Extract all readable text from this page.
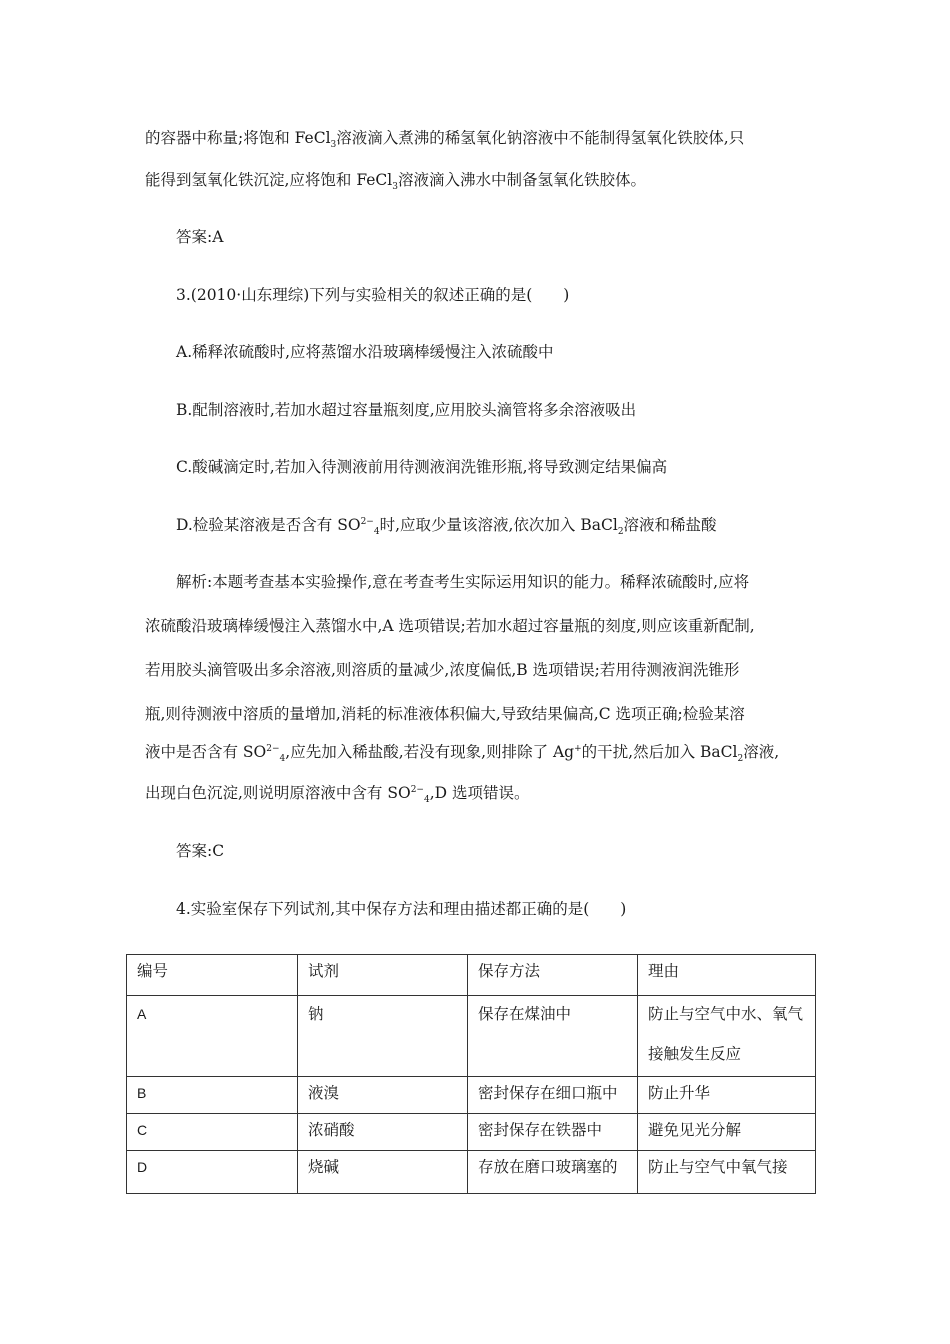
的容器中称量;将饱和 FeCl$_3$溶液滴入煮沸的稀氢氧化钠溶液中不能制得氢氧化铁胶体,只
能得到氢氧化铁沉淀,应将饱和 FeCl$_3$溶液滴入沸水中制备氢氧化铁胶体。
答案:A
3.(2010·山东理综)下列与实验相关的叙述正确的是(　　)
A.稀释浓硫酸时,应将蒸馏水沿玻璃棒缓慢注入浓硫酸中
B.配制溶液时,若加水超过容量瓶刻度,应用胶头滴管将多余溶液吸出
C.酸碱滴定时,若加入待测液前用待测液润洗锥形瓶,将导致测定结果偏高
D.检验某溶液是否含有 $SO^{2-}_4$时,应取少量该溶液,依次加入 BaCl$_2$溶液和稀盐酸
解析:本题考查基本实验操作,意在考查考生实际运用知识的能力。稀释浓硫酸时,应将
浓硫酸沿玻璃棒缓慢注入蒸馏水中,A 选项错误;若加水超过容量瓶的刻度,则应该重新配制,
若用胶头滴管吸出多余溶液,则溶质的量减少,浓度偏低,B 选项错误;若用待测液润洗锥形
瓶,则待测液中溶质的量增加,消耗的标准液体积偏大,导致结果偏高,C 选项正确;检验某溶
液中是否含有 $SO^{2-}_4$,应先加入稀盐酸,若没有现象,则排除了 Ag+的干扰,然后加入 BaCl$_2$溶液,
出现白色沉淀,则说明原溶液中含有 $SO^{2-}_4,D$ 选项错误。
答案:C
4.实验室保存下列试剂,其中保存方法和理由描述都正确的是(　　)
编号	试剂	保存方法	理由
A	钠	保存在煤油中	防止与空气中水、氧气
接触发生反应

B	液溴	密封保存在细口瓶中	防止升华
C	浓硝酸	密封保存在铁器中	避免见光分解
D	烧碱	存放在磨口玻璃塞的	防止与空气中氧气接
